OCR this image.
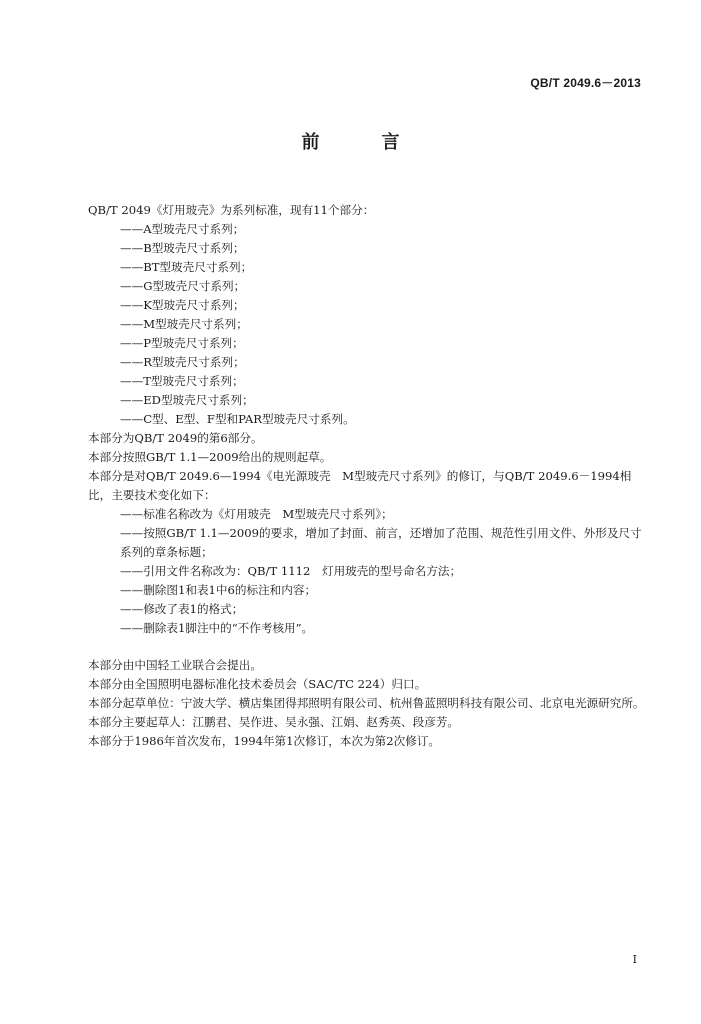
QB/T 2049.6－2013
前　言
QB/T 2049《灯用玻壳》为系列标准，现有11个部分：
——A型玻壳尺寸系列；
——B型玻壳尺寸系列；
——BT型玻壳尺寸系列；
——G型玻壳尺寸系列；
——K型玻壳尺寸系列；
——M型玻壳尺寸系列；
——P型玻壳尺寸系列；
——R型玻壳尺寸系列；
——T型玻壳尺寸系列；
——ED型玻壳尺寸系列；
——C型、E型、F型和PAR型玻壳尺寸系列。
本部分为QB/T 2049的第6部分。
本部分按照GB/T 1.1—2009给出的规则起草。
本部分是对QB/T 2049.6—1994《电光源玻壳　M型玻壳尺寸系列》的修订，与QB/T 2049.6－1994相比，主要技术变化如下：
——标准名称改为《灯用玻壳　M型玻壳尺寸系列》；
——按照GB/T 1.1—2009的要求，增加了封面、前言，还增加了范围、规范性引用文件、外形及尺寸系列的章条标题；
——引用文件名称改为：QB/T 1112　灯用玻壳的型号命名方法；
——删除图1和表1中6的标注和内容；
——修改了表1的格式；
——删除表1脚注中的“不作考核用”。
本部分由中国轻工业联合会提出。
本部分由全国照明电器标准化技术委员会（SAC/TC 224）归口。
本部分起草单位：宁波大学、横店集团得邦照明有限公司、杭州鲁蓝照明科技有限公司、北京电光源研究所。
本部分主要起草人：江鹏君、吴作进、吴永强、江娟、赵秀英、段彦芳。
本部分于1986年首次发布，1994年第1次修订，本次为第2次修订。
I
